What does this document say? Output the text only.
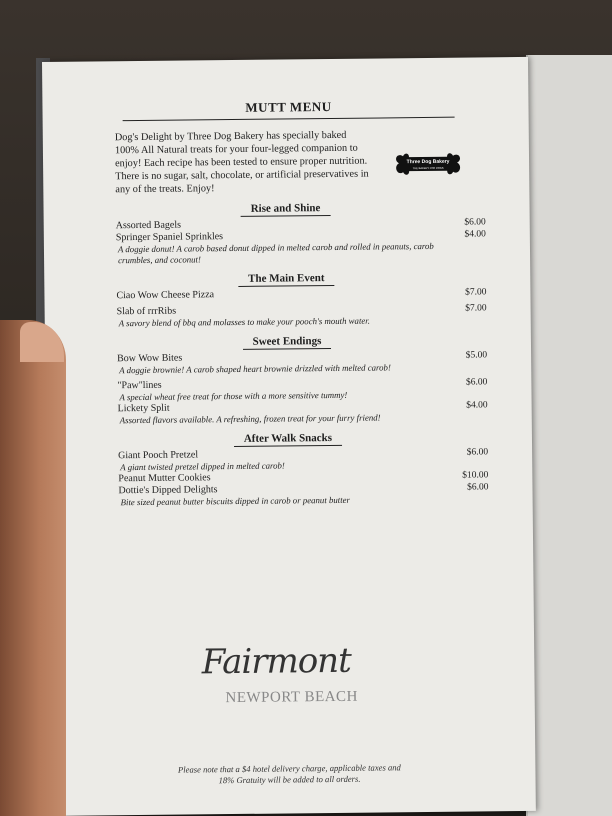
MUTT MENU
Dog's Delight by Three Dog Bakery has specially baked 100% All Natural treats for your four-legged companion to enjoy! Each recipe has been tested to ensure proper nutrition. There is no sugar, salt, chocolate, or artificial preservatives in any of the treats. Enjoy!
Three Dog Bakery
THE BAKERY FOR DOGS
Rise and Shine
Assorted Bagels	$6.00
Springer Spaniel Sprinkles	$4.00
A doggie donut! A carob based donut dipped in melted carob and rolled in peanuts, carob crumbles, and coconut!
The Main Event
Ciao Wow Cheese Pizza	$7.00
Slab of rrrRibs	$7.00
A savory blend of bbq and molasses to make your pooch's mouth water.
Sweet Endings
Bow Wow Bites	$5.00
A doggie brownie! A carob shaped heart brownie drizzled with melted carob!
"Paw"lines	$6.00
A special wheat free treat for those with a more sensitive tummy!
Lickety Split	$4.00
Assorted flavors available. A refreshing, frozen treat for your furry friend!
After Walk Snacks
Giant Pooch Pretzel	$6.00
A giant twisted pretzel dipped in melted carob!
Peanut Mutter Cookies	$10.00
Dottie's Dipped Delights	$6.00
Bite sized peanut butter biscuits dipped in carob or peanut butter
Fairmont
NEWPORT BEACH
Please note that a $4 hotel delivery charge, applicable taxes and 18% Gratuity will be added to all orders.
